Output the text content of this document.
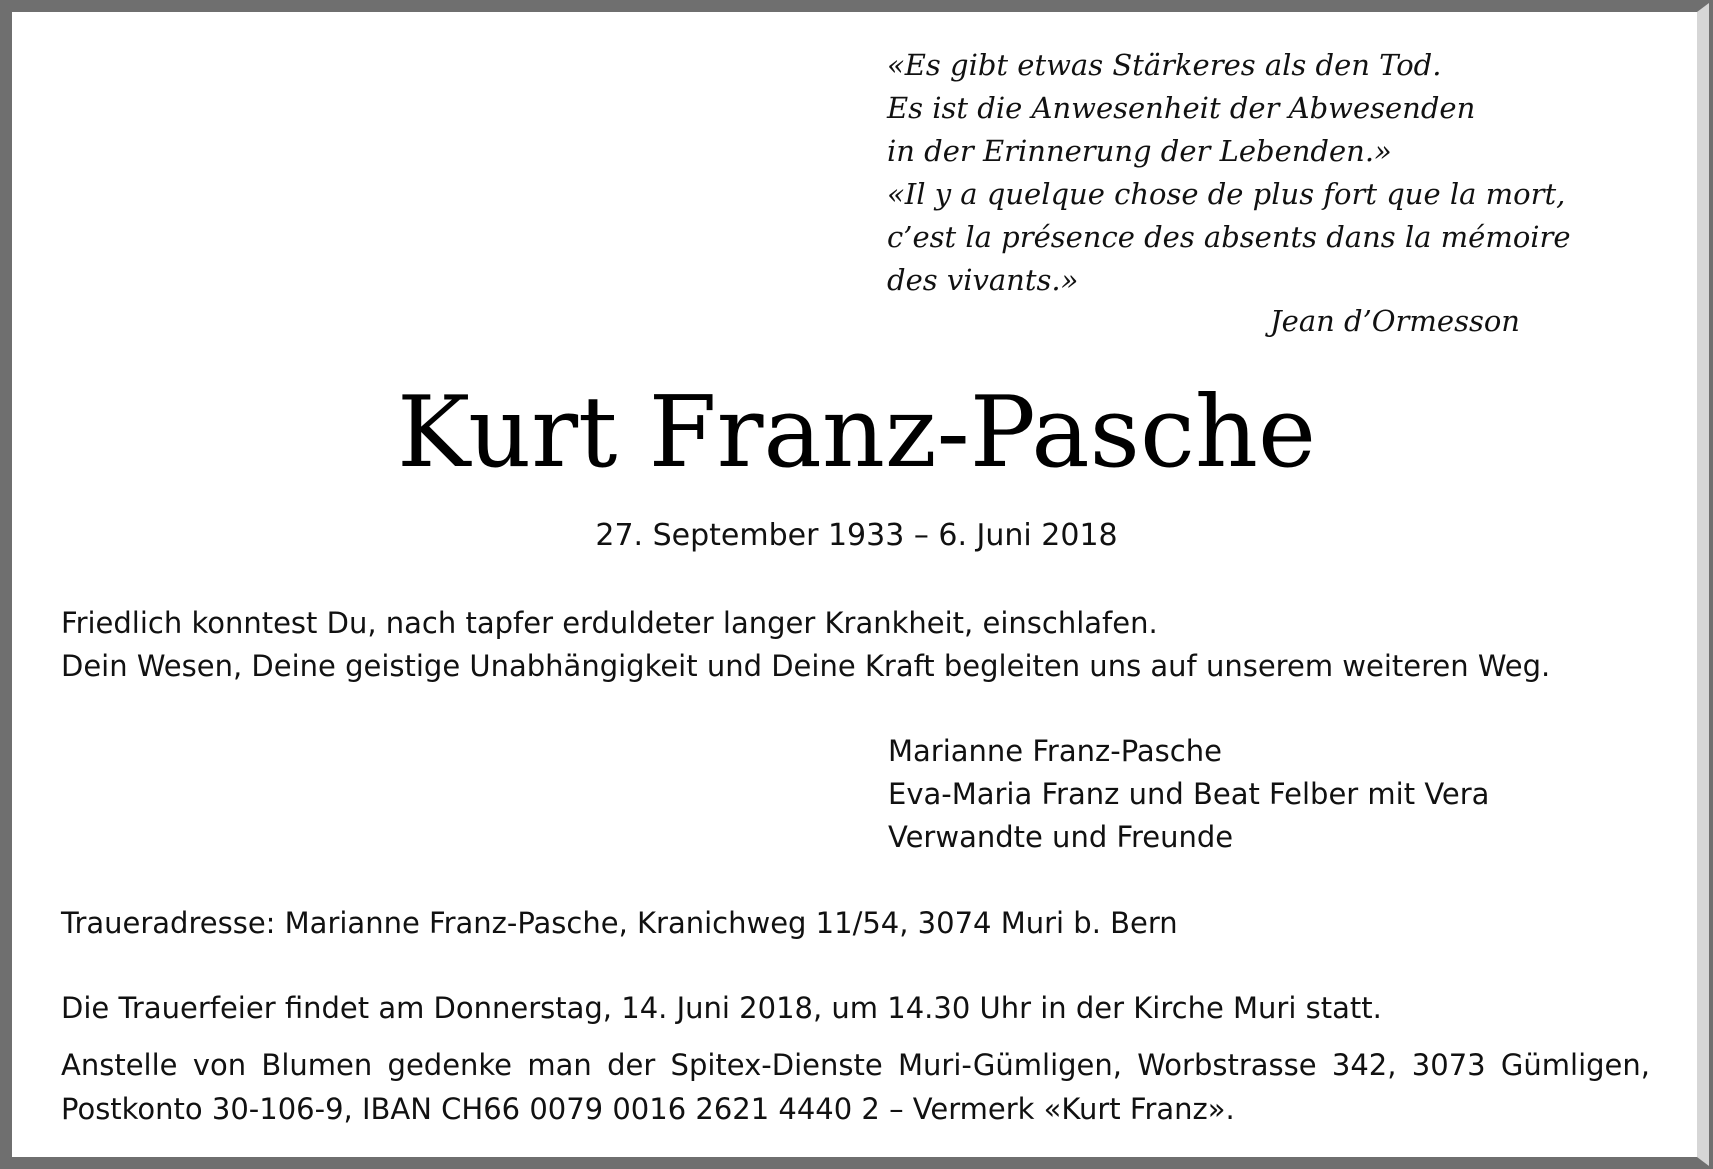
«Es gibt etwas Stärkeres als den Tod.
Es ist die Anwesenheit der Abwesenden
in der Erinnerung der Lebenden.»
«Il y a quelque chose de plus fort que la mort,
c’est la présence des absents dans la mémoire
des vivants.»
Jean d’Ormesson
Kurt Franz-Pasche
27. September 1933 – 6. Juni 2018
Friedlich konntest Du, nach tapfer erduldeter langer Krankheit, einschlafen.
Dein Wesen, Deine geistige Unabhängigkeit und Deine Kraft begleiten uns auf unserem weiteren Weg.
Marianne Franz-Pasche
Eva-Maria Franz und Beat Felber mit Vera
Verwandte und Freunde
Traueradresse: Marianne Franz-Pasche, Kranichweg 11/54, 3074 Muri b. Bern
Die Trauerfeier findet am Donnerstag, 14. Juni 2018, um 14.30 Uhr in der Kirche Muri statt.
Anstelle von Blumen gedenke man der Spitex-Dienste Muri-Gümligen, Worbstrasse 342, 3073 Gümligen,
Postkonto 30-106-9, IBAN CH66 0079 0016 2621 4440 2 – Vermerk «Kurt Franz».
